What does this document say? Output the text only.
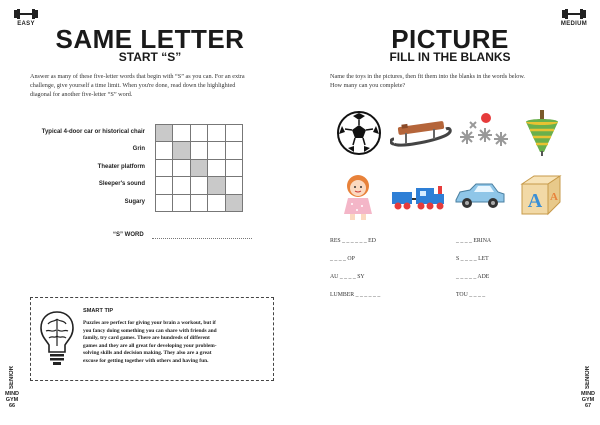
EASY SAME LETTER
START “S”
Answer as many of these five-letter words that begin with “S” as you can. For an extra
challenge, give yourself a time limit. When you're done, read down the highlighted
diagonal for another five-letter “S” word.
Typical 4-door car or historical chair
Grin
Theater platform
Sleeper's sound
Sugary

“S” WORD
SMART TIP
Puzzles are perfect for giving your brain a workout, but if
you fancy doing something you can share with friends and
family, try card games. There are hundreds of different
games and they are all great for developing your problem-
solving skills and decision making. They also are a great
excuse for getting together with others and having fun.
SENIOR
MIND GYM
66
MEDIUM
PICTURE
FILL IN THE BLANKS
Name the toys in the pictures, then fit them into the blanks in the words below.
How many can you complete?
A A
RES _ _ _ _ _ _ ED
_ _ _ _ OP
AU _ _ _ _ SY
LUMBER _ _ _ _ _ _
_ _ _ _ ERINA
S _ _ _ _ LET
_ _ _ _ _ ADE
TOU _ _ _ _
SENIOR
MIND GYM
67
